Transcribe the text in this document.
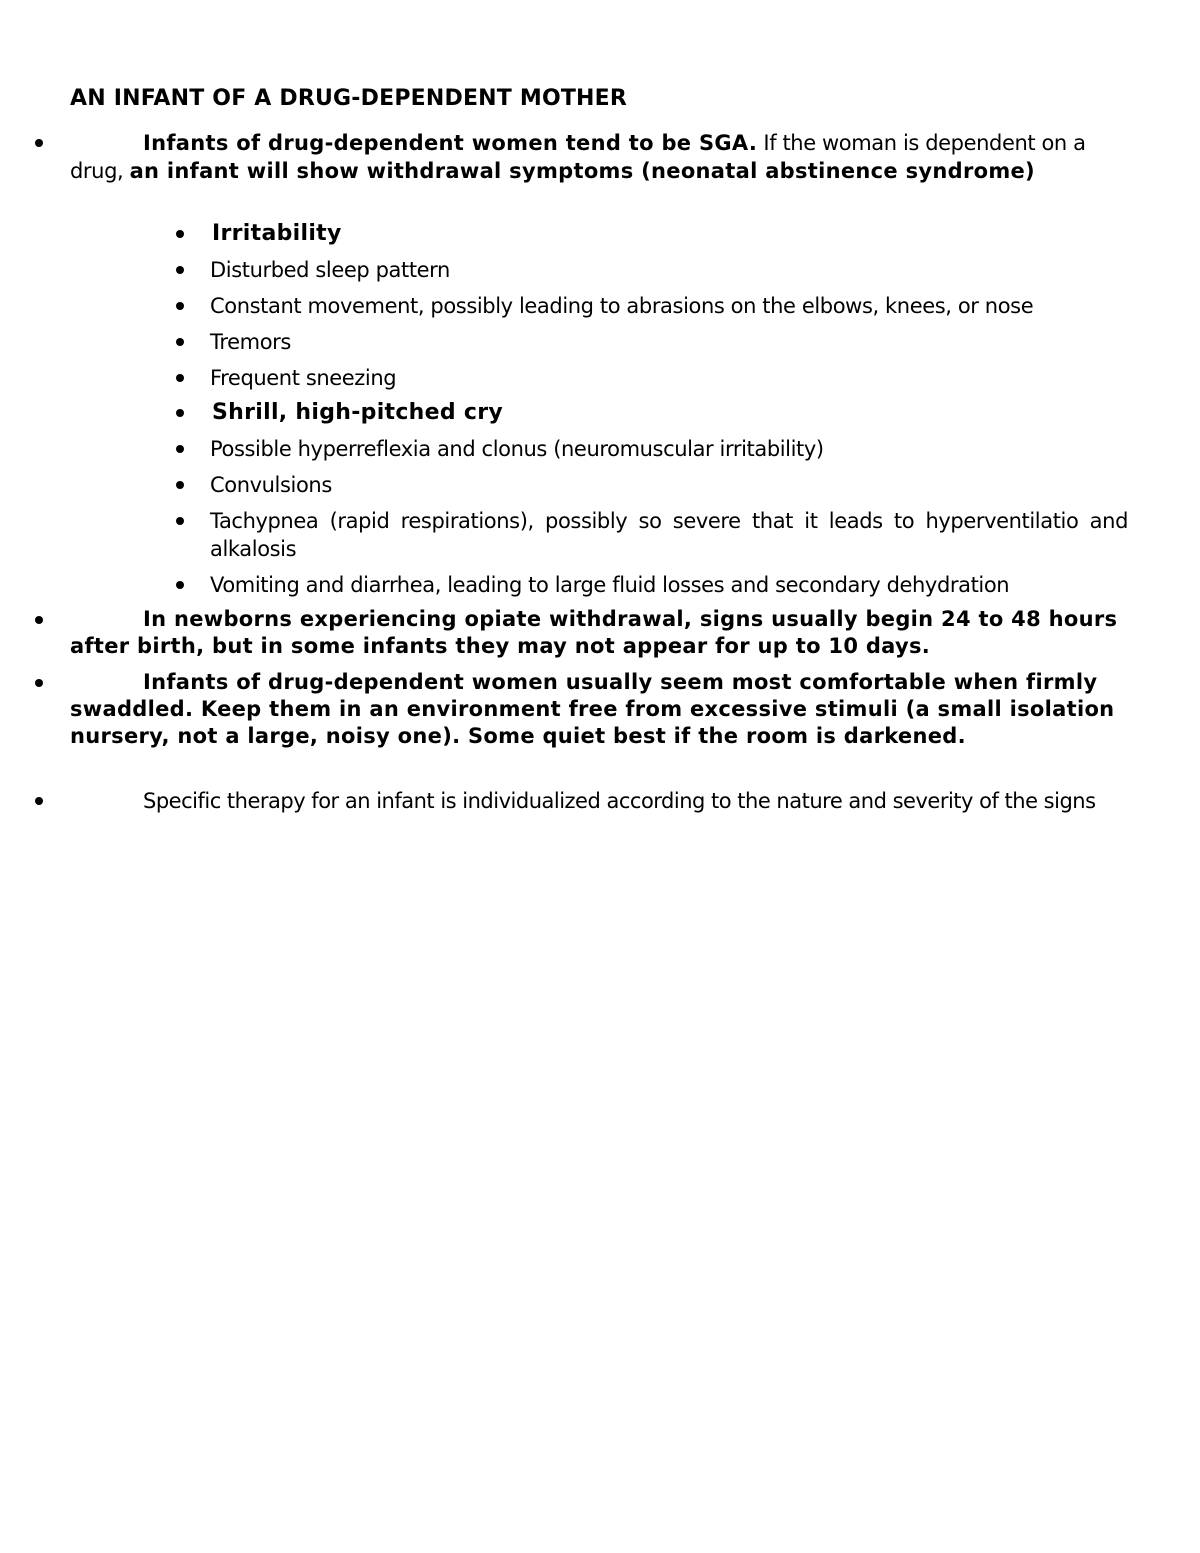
AN INFANT OF A DRUG-DEPENDENT MOTHER
Infants of drug-dependent women tend to be SGA. If the woman is dependent on a drug, an infant will show withdrawal symptoms (neonatal abstinence syndrome)
Irritability
Disturbed sleep pattern
Constant movement, possibly leading to abrasions on the elbows, knees, or nose
Tremors
Frequent sneezing
Shrill, high-pitched cry
Possible hyperreflexia and clonus (neuromuscular irritability)
Convulsions
Tachypnea (rapid respirations), possibly so severe that it leads to hyperventilatio and alkalosis
Vomiting and diarrhea, leading to large fluid losses and secondary dehydration
In newborns experiencing opiate withdrawal, signs usually begin 24 to 48 hours after birth, but in some infants they may not appear for up to 10 days.
Infants of drug-dependent women usually seem most comfortable when firmly swaddled. Keep them in an environment free from excessive stimuli (a small isolation nursery, not a large, noisy one). Some quiet best if the room is darkened.
Specific therapy for an infant is individualized according to the nature and severity of the signs
